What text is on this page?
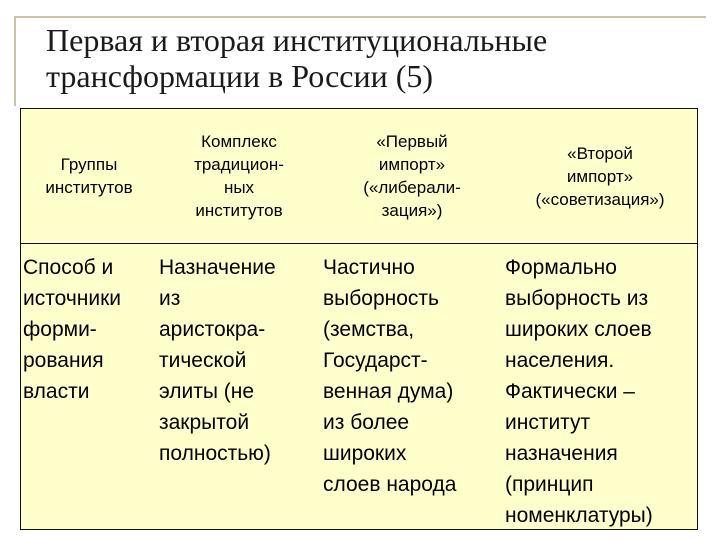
Первая и вторая институциональные
трансформации в России (5)
Группы
институтов
Комплекс
традицион-
ных
институтов
«Первый
импорт»
(«либерали-
зация»)
«Второй
импорт»
(«советизация»)
Способ и
источники
форми-
рования
власти
Назначение
из
аристокра-
тической
элиты (не
закрытой
полностью)
Частично
выборность
(земства,
Государст-
венная дума)
из более
широких
слоев народа
Формально
выборность из
широких слоев
населения.
Фактически –
институт
назначения
(принцип
номенклатуры)
